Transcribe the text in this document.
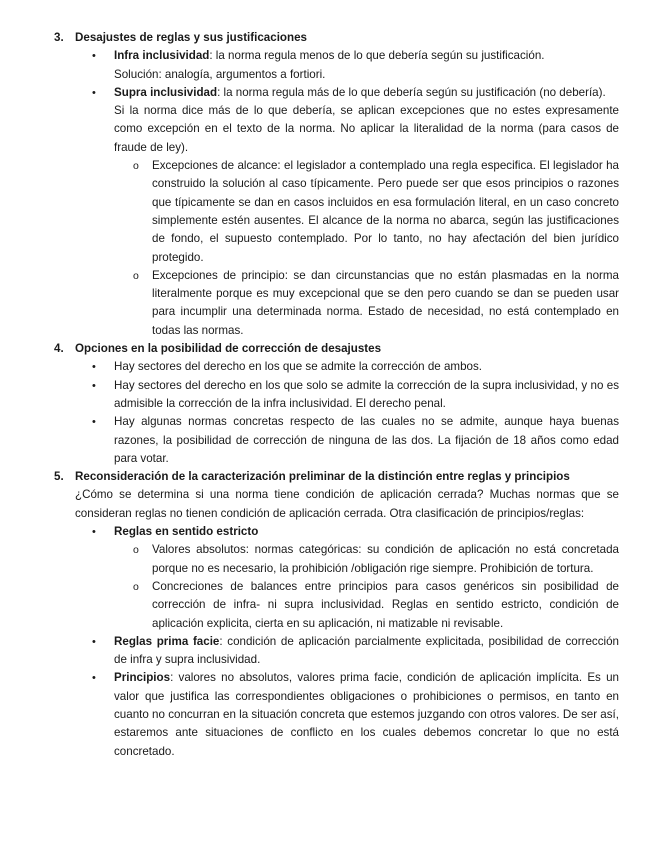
3. Desajustes de reglas y sus justificaciones
• Infra inclusividad: la norma regula menos de lo que debería según su justificación.

Solución: analogía, argumentos a fortiori.

• Supra inclusividad: la norma regula más de lo que debería según su justificación (no debería).

Si la norma dice más de lo que debería, se aplican excepciones que no estes expresamente como excepción en el texto de la norma. No aplicar la literalidad de la norma (para casos de fraude de ley).

o Excepciones de alcance: el legislador a contemplado una regla especifica. El legislador ha construido la solución al caso típicamente. Pero puede ser que esos principios o razones que típicamente se dan en casos incluidos en esa formulación literal, en un caso concreto simplemente estén ausentes. El alcance de la norma no abarca, según las justificaciones de fondo, el supuesto contemplado. Por lo tanto, no hay afectación del bien jurídico protegido.

o Excepciones de principio: se dan circunstancias que no están plasmadas en la norma literalmente porque es muy excepcional que se den pero cuando se dan se pueden usar para incumplir una determinada norma. Estado de necesidad, no está contemplado en todas las normas.

4. Opciones en la posibilidad de corrección de desajustes
• Hay sectores del derecho en los que se admite la corrección de ambos.

• Hay sectores del derecho en los que solo se admite la corrección de la supra inclusividad, y no es admisible la corrección de la infra inclusividad. El derecho penal.

• Hay algunas normas concretas respecto de las cuales no se admite, aunque haya buenas razones, la posibilidad de corrección de ninguna de las dos. La fijación de 18 años como edad para votar.

5. Reconsideración de la caracterización preliminar de la distinción entre reglas y principios

¿Cómo se determina si una norma tiene condición de aplicación cerrada? Muchas normas que se consideran reglas no tienen condición de aplicación cerrada. Otra clasificación de principios/reglas:

• Reglas en sentido estricto

o Valores absolutos: normas categóricas: su condición de aplicación no está concretada porque no es necesario, la prohibición /obligación rige siempre. Prohibición de tortura.

o Concreciones de balances entre principios para casos genéricos sin posibilidad de corrección de infra- ni supra inclusividad. Reglas en sentido estricto, condición de aplicación explicita, cierta en su aplicación, ni matizable ni revisable.

• Reglas prima facie: condición de aplicación parcialmente explicitada, posibilidad de corrección de infra y supra inclusividad.

• Principios: valores no absolutos, valores prima facie, condición de aplicación implícita. Es un valor que justifica las correspondientes obligaciones o prohibiciones o permisos, en tanto en cuanto no concurran en la situación concreta que estemos juzgando con otros valores. De ser así, estaremos ante situaciones de conflicto en los cuales debemos concretar lo que no está concretado.
